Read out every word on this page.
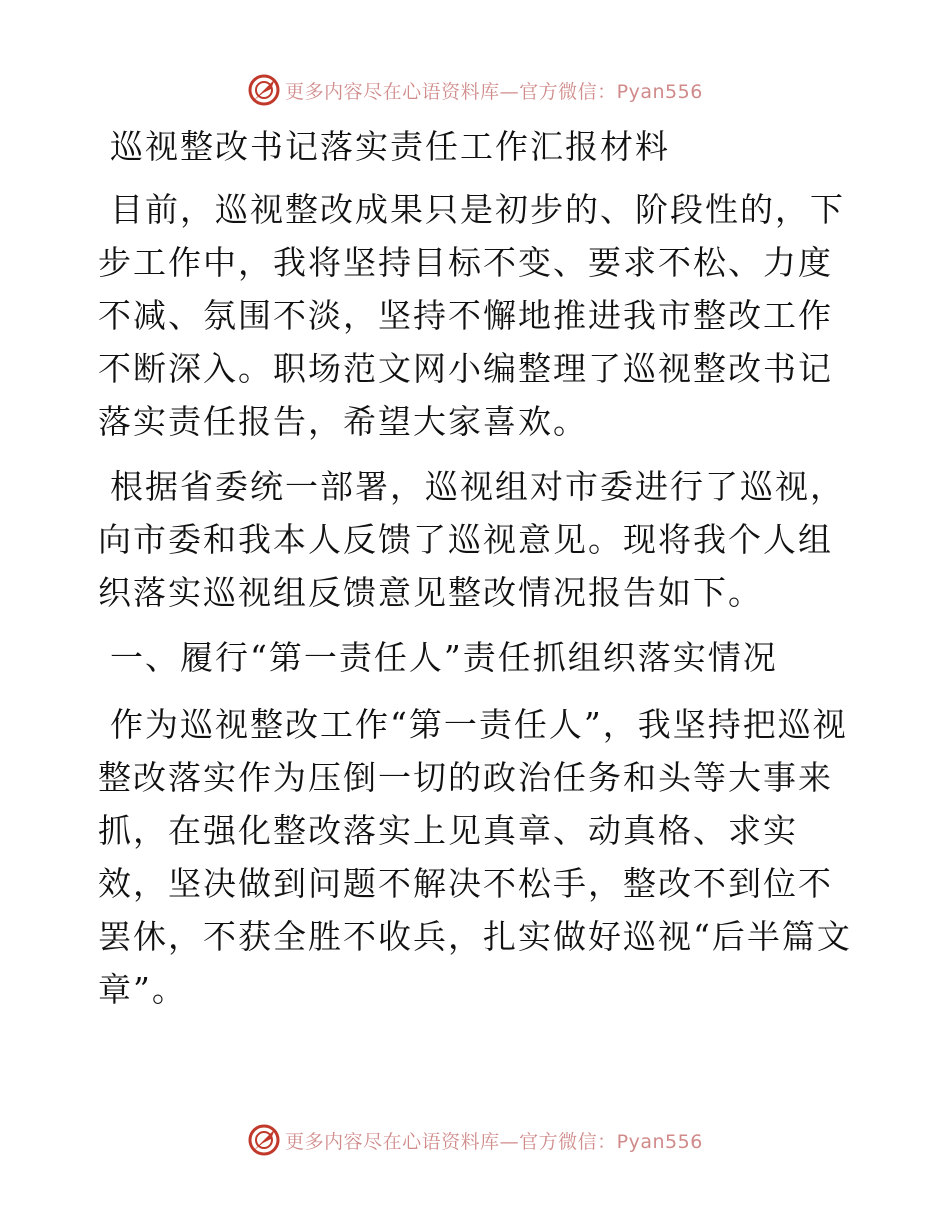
更多内容尽在心语资料库—官方微信：Pyan556

巡视整改书记落实责任工作汇报材料

目前，巡视整改成果只是初步的、阶段性的，下步工作中，我将坚持目标不变、要求不松、力度不减、氛围不淡，坚持不懈地推进我市整改工作不断深入。职场范文网小编整理了巡视整改书记落实责任报告，希望大家喜欢。

根据省委统一部署，巡视组对市委进行了巡视，向市委和我本人反馈了巡视意见。现将我个人组织落实巡视组反馈意见整改情况报告如下。

一、履行“第一责任人”责任抓组织落实情况

作为巡视整改工作“第一责任人”，我坚持把巡视整改落实作为压倒一切的政治任务和头等大事来抓，在强化整改落实上见真章、动真格、求实效，坚决做到问题不解决不松手，整改不到位不罢休，不获全胜不收兵，扎实做好巡视“后半篇文章”。

更多内容尽在心语资料库—官方微信：Pyan556
